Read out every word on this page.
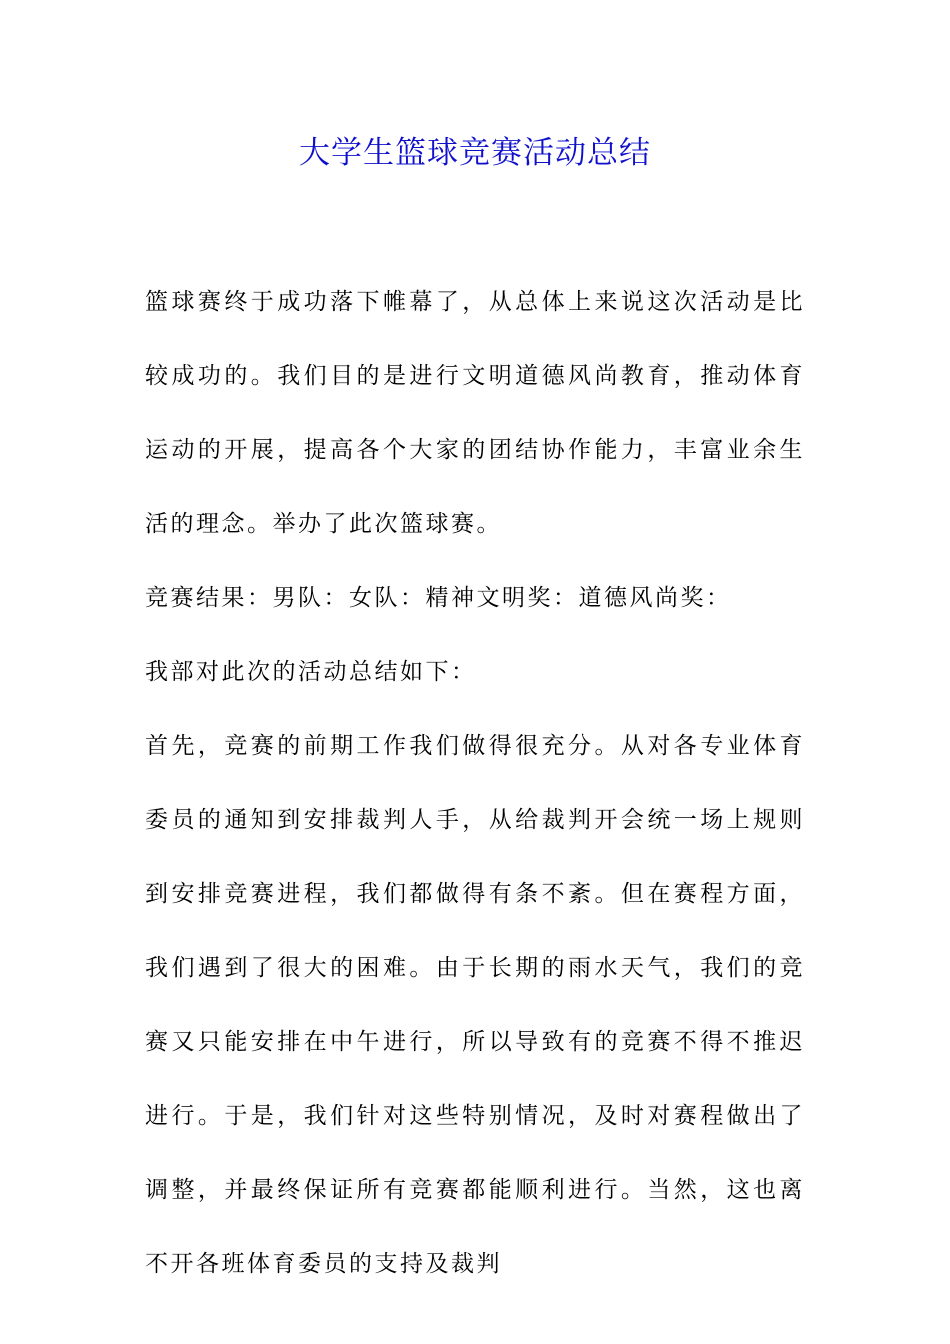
大学生篮球竞赛活动总结

篮球赛终于成功落下帷幕了，从总体上来说这次活动是比较成功的。我们目的是进行文明道德风尚教育，推动体育运动的开展，提高各个大家的团结协作能力，丰富业余生活的理念。举办了此次篮球赛。

竞赛结果：男队：女队：精神文明奖：道德风尚奖：

我部对此次的活动总结如下：

首先，竞赛的前期工作我们做得很充分。从对各专业体育委员的通知到安排裁判人手，从给裁判开会统一场上规则到安排竞赛进程，我们都做得有条不紊。但在赛程方面，我们遇到了很大的困难。由于长期的雨水天气，我们的竞赛又只能安排在中午进行，所以导致有的竞赛不得不推迟进行。于是，我们针对这些特别情况，及时对赛程做出了调整，并最终保证所有竞赛都能顺利进行。当然，这也离不开各班体育委员的支持及裁判
